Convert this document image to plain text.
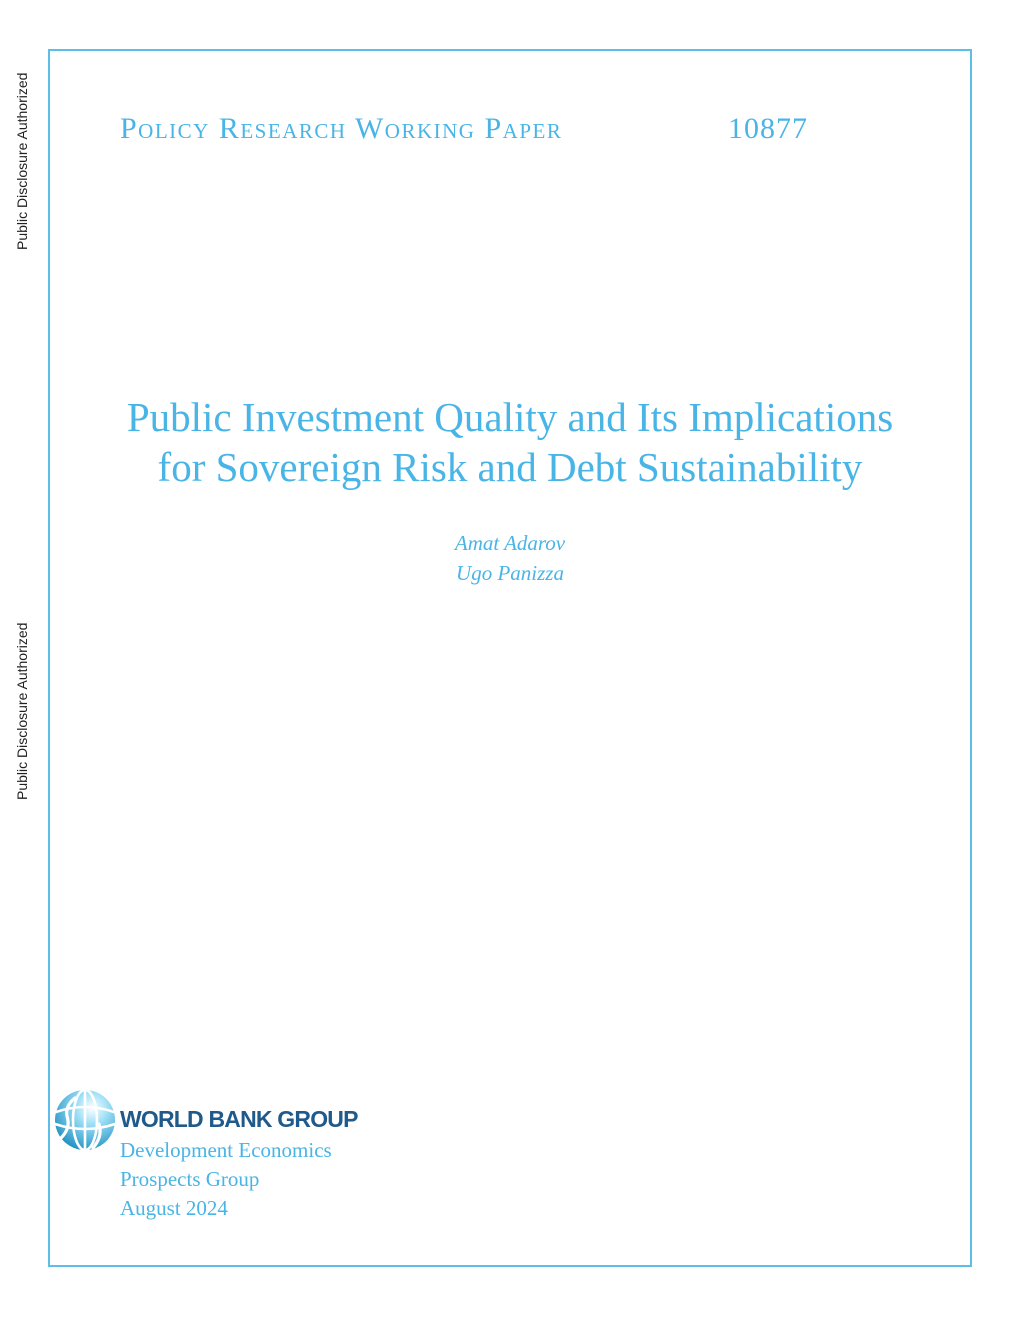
Public Disclosure Authorized
Public Disclosure Authorized
Policy Research Working Paper	10877
Public Investment Quality and Its Implications
for Sovereign Risk and Debt Sustainability
Amat Adarov
Ugo Panizza
WORLD BANK GROUP
Development Economics
Prospects Group
August 2024
